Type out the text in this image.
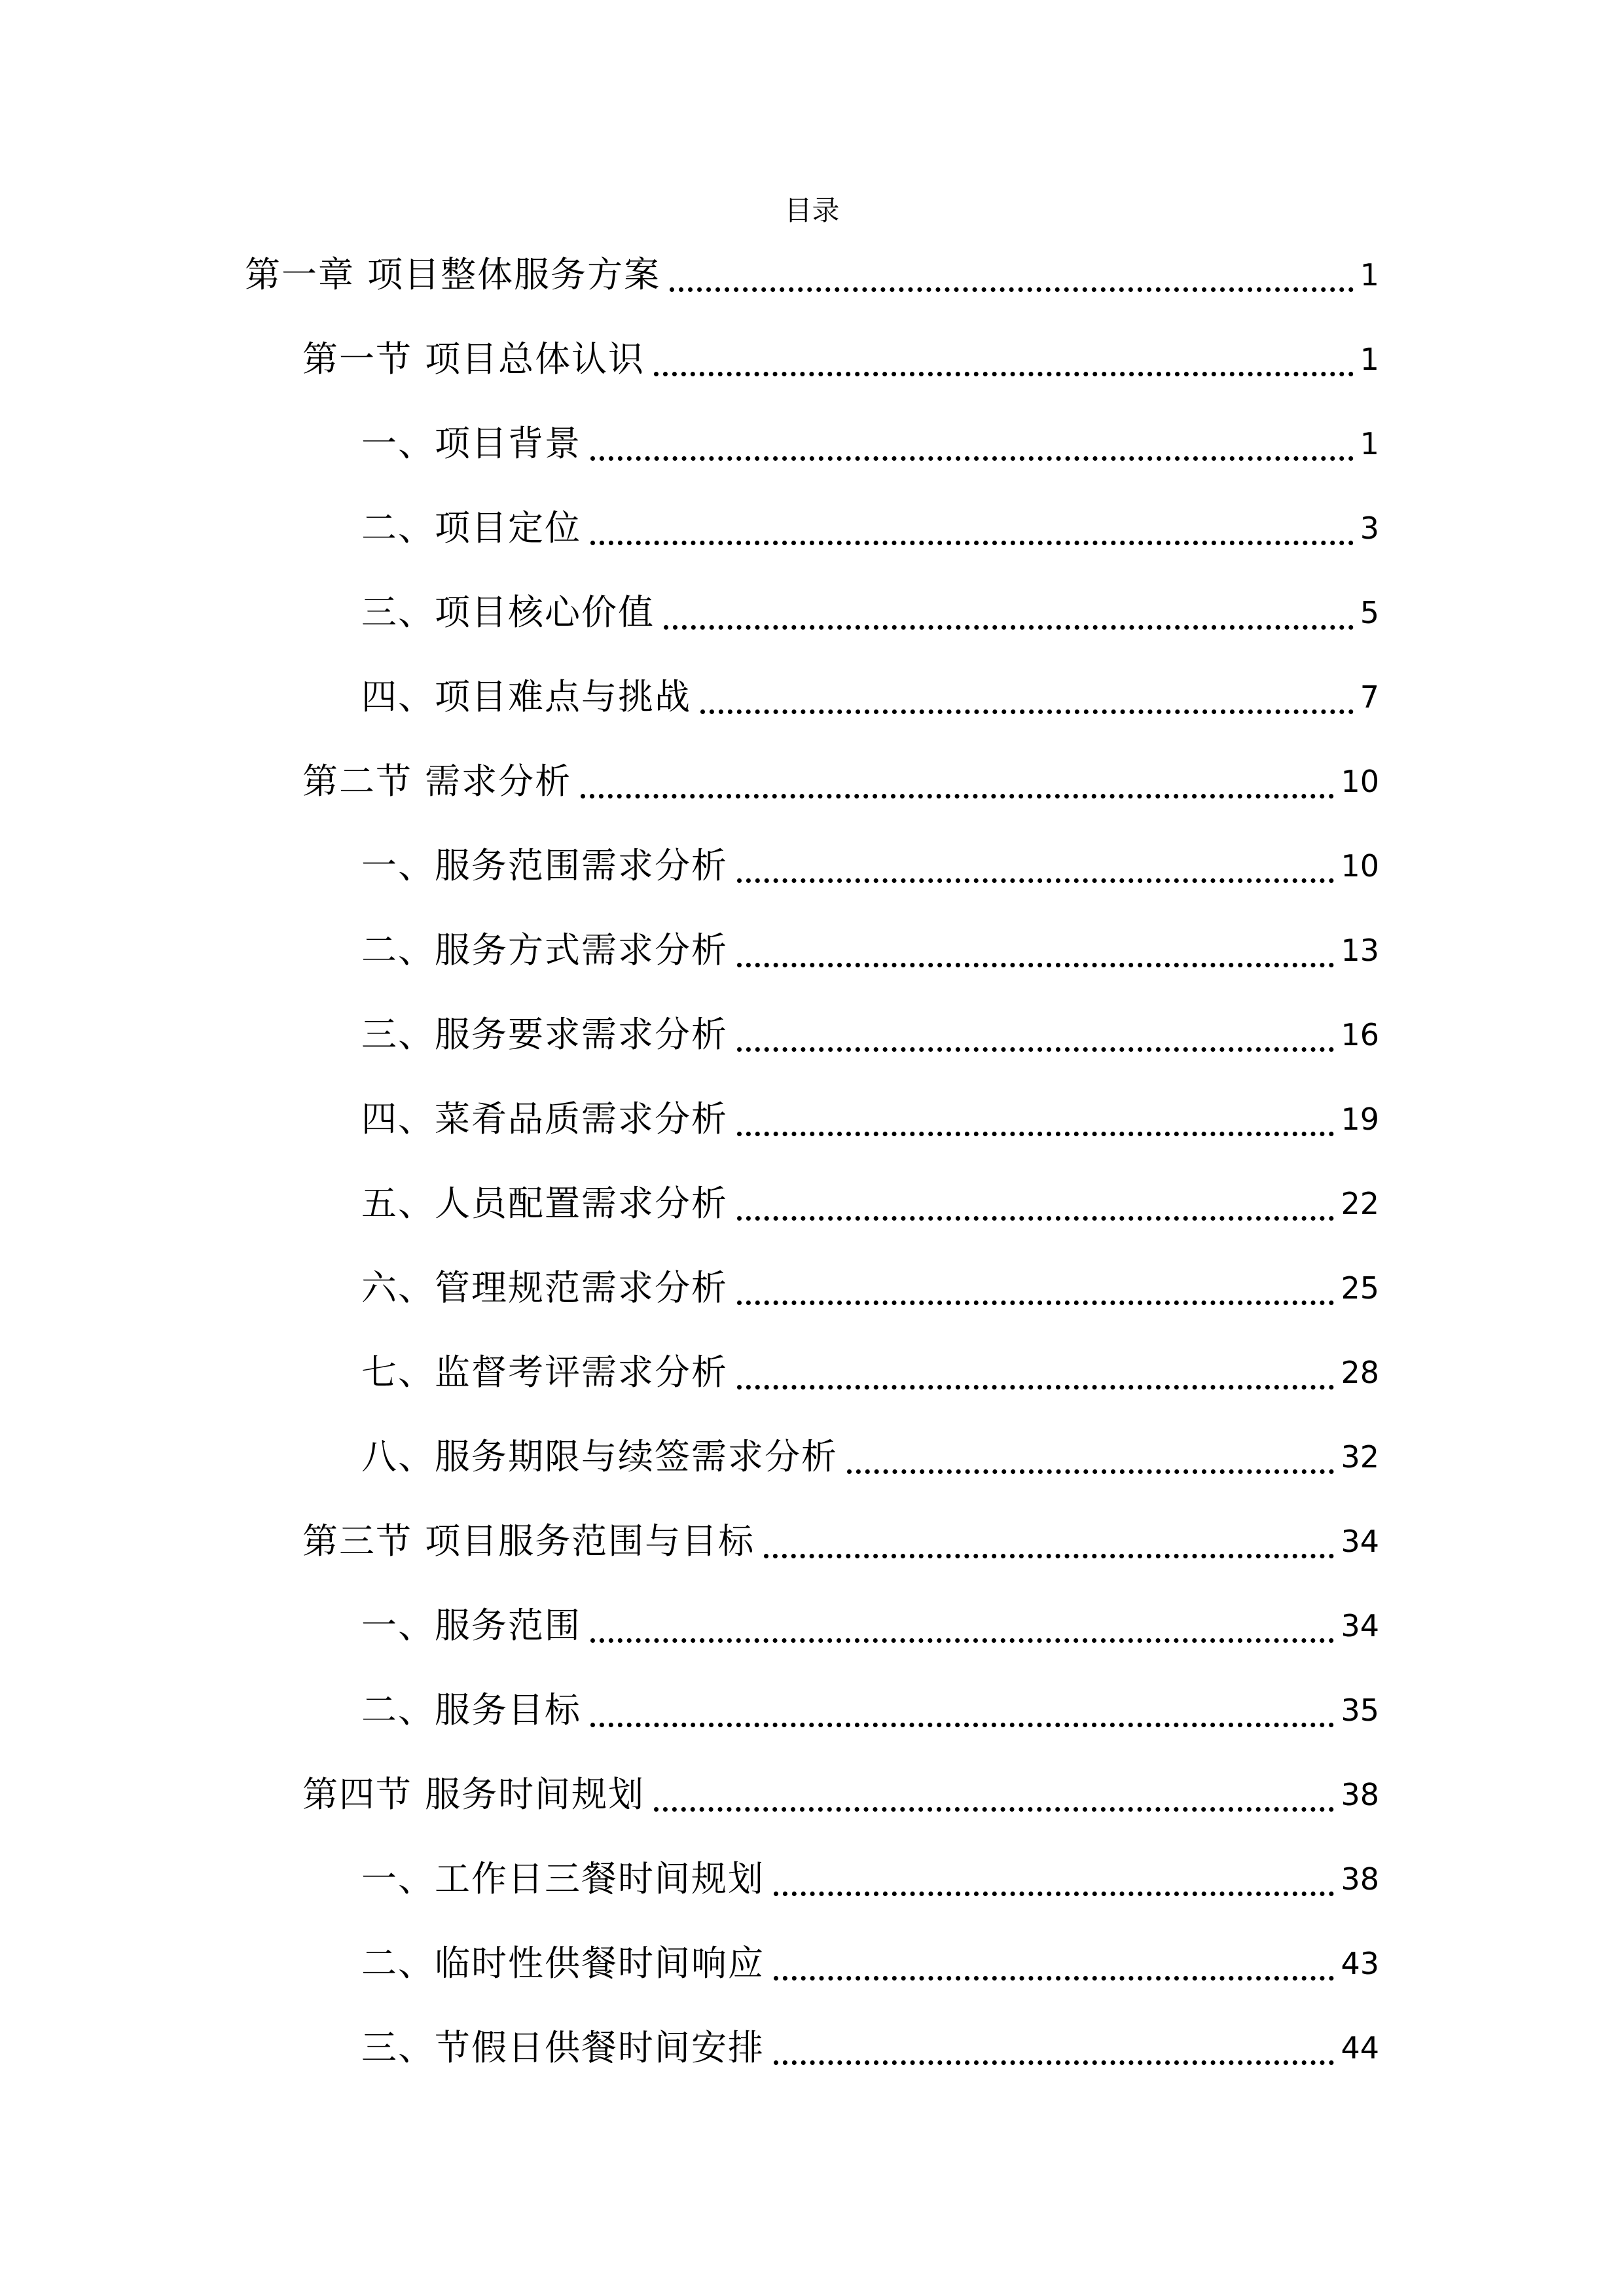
目录
第一章 项目整体服务方案	1
第一节 项目总体认识	1
一、项目背景	1
二、项目定位	3
三、项目核心价值	5
四、项目难点与挑战	7
第二节 需求分析	10
一、服务范围需求分析	10
二、服务方式需求分析	13
三、服务要求需求分析	16
四、菜肴品质需求分析	19
五、人员配置需求分析	22
六、管理规范需求分析	25
七、监督考评需求分析	28
八、服务期限与续签需求分析	32
第三节 项目服务范围与目标	34
一、服务范围	34
二、服务目标	35
第四节 服务时间规划	38
一、工作日三餐时间规划	38
二、临时性供餐时间响应	43
三、节假日供餐时间安排	44
